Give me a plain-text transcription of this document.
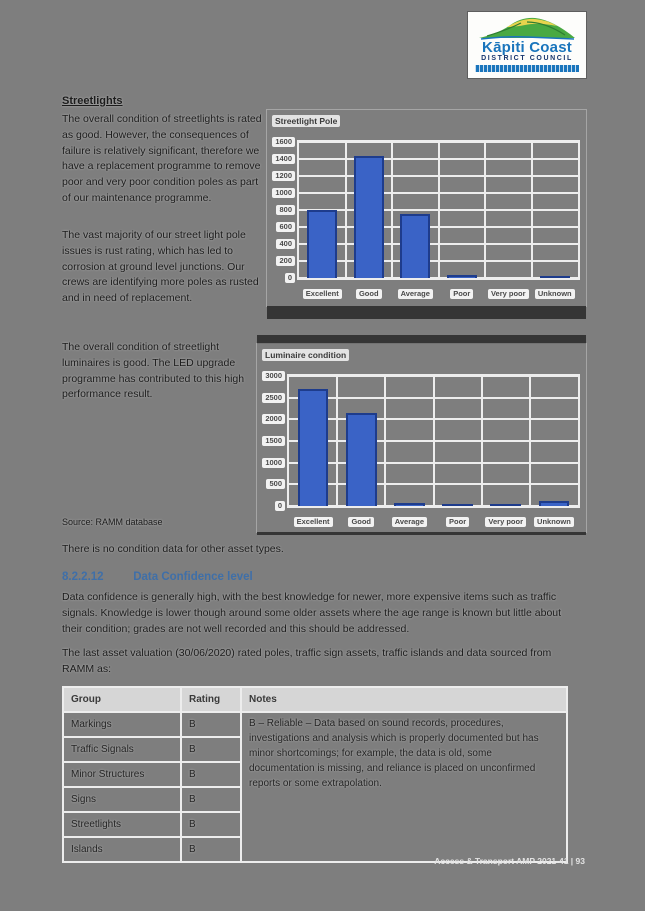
Kāpiti Coast
DISTRICT COUNCIL
Streetlights
The overall condition of streetlights is rated as good. However, the consequences of failure is relatively significant, therefore we have a replacement programme to remove poor and very poor condition poles as part of our maintenance programme.
The vast majority of our street light pole issues is rust rating, which has led to corrosion at ground level junctions. Our crews are identifying more poles as rusted and in need of replacement.
The overall condition of streetlight luminaires is good. The LED upgrade programme has contributed to this high performance result.
Source: RAMM database
There is no condition data for other asset types.
Streetlight Pole
0
200
400
600
800
1000
1200
1400
1600
Excellent	Good	Average	Poor	Very poor	Unknown
Luminaire condition
0
500
1000
1500
2000
2500
3000
Excellent	Good	Average	Poor	Very poor	Unknown
8.2.2.12	Data Confidence level
Data confidence is generally high, with the best knowledge for newer, more expensive items such as traffic signals. Knowledge is lower though around some older assets where the age range is known but little about their condition; grades are not well recorded and this should be addressed.
The last asset valuation (30/06/2020) rated poles, traffic sign assets, traffic islands and data sourced from RAMM as:
Group	Rating	Notes
Markings	B	B – Reliable – Data based on sound records, procedures, investigations and analysis which is properly documented but has minor shortcomings; for example, the data is old, some documentation is missing, and reliance is placed on unconfirmed reports or some extrapolation.
Traffic Signals	B	
Minor Structures	B	
Signs	B	
Streetlights	B	
Islands	B	
Access & Transport AMP 2021-41 | 93
